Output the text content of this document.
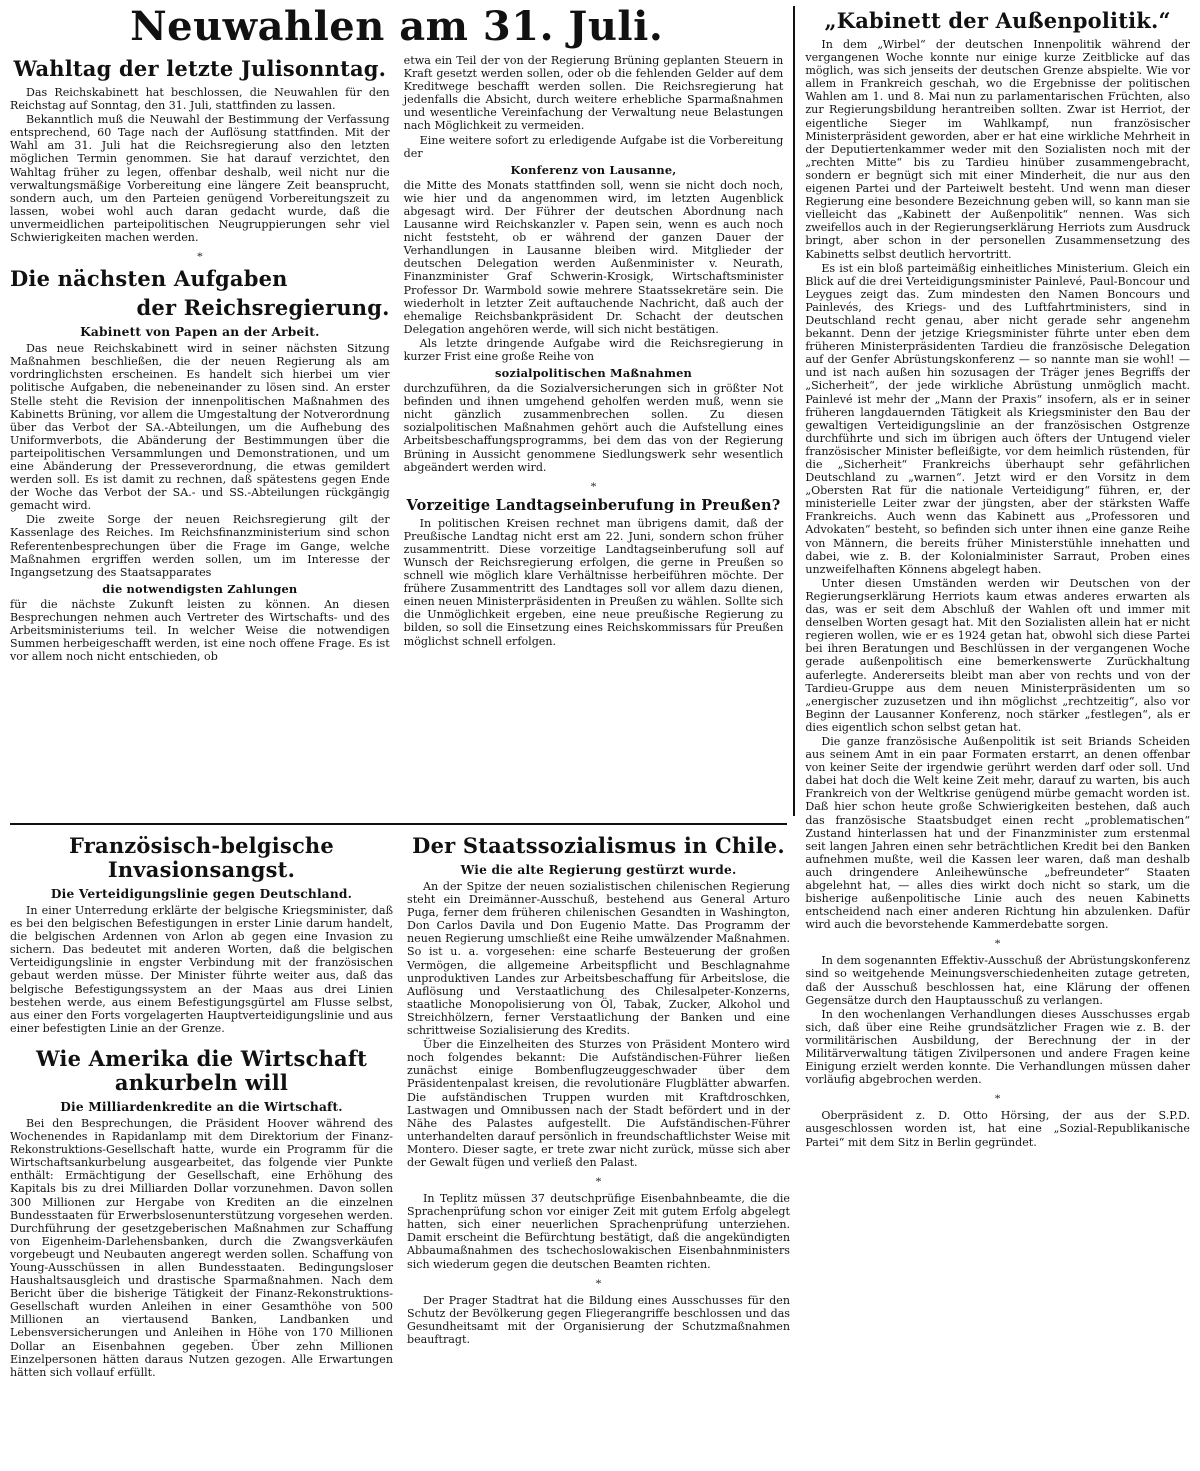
Neuwahlen am 31. Juli.
Wahltag der letzte Julisonntag.

Das Reichskabinett hat beschlossen, die Neuwahlen für den Reichstag auf Sonntag, den 31. Juli, stattfinden zu lassen.

Bekanntlich muß die Neuwahl der Bestimmung der Verfassung entsprechend, 60 Tage nach der Auflösung stattfinden. Mit der Wahl am 31. Juli hat die Reichsregierung also den letzten möglichen Termin genommen. Sie hat darauf verzichtet, den Wahltag früher zu legen, offenbar deshalb, weil nicht nur die verwaltungsmäßige Vorbereitung eine längere Zeit beansprucht, sondern auch, um den Parteien genügend Vorbereitungszeit zu lassen, wobei wohl auch daran gedacht wurde, daß die unvermeidlichen parteipolitischen Neugruppierungen sehr viel Schwierigkeiten machen werden.

*
Die nächsten Aufgaben
der Reichsregierung.
Kabinett von Papen an der Arbeit.

Das neue Reichskabinett wird in seiner nächsten Sitzung Maßnahmen beschließen, die der neuen Regierung als am vordringlichsten erscheinen. Es handelt sich hierbei um vier politische Aufgaben, die nebeneinander zu lösen sind. An erster Stelle steht die Revision der innenpolitischen Maßnahmen des Kabinetts Brüning, vor allem die Umgestaltung der Notverordnung über das Verbot der SA.-Abteilungen, um die Aufhebung des Uniformverbots, die Abänderung der Bestimmungen über die parteipolitischen Versammlungen und Demonstrationen, und um eine Abänderung der Presseverordnung, die etwas gemildert werden soll. Es ist damit zu rechnen, daß spätestens gegen Ende der Woche das Verbot der SA.- und SS.-Abteilungen rückgängig gemacht wird.

Die zweite Sorge der neuen Reichsregierung gilt der Kassenlage des Reiches. Im Reichsfinanzministerium sind schon Referentenbesprechungen über die Frage im Gange, welche Maßnahmen ergriffen werden sollen, um im Interesse der Ingangsetzung des Staatsapparates

die notwendigsten Zahlungen

für die nächste Zukunft leisten zu können. An diesen Besprechungen nehmen auch Vertreter des Wirtschafts- und des Arbeitsministeriums teil. In welcher Weise die notwendigen Summen herbeigeschafft werden, ist eine noch offene Frage. Es ist vor allem noch nicht entschieden, ob

etwa ein Teil der von der Regierung Brüning geplanten Steuern in Kraft gesetzt werden sollen, oder ob die fehlenden Gelder auf dem Kreditwege beschafft werden sollen. Die Reichsregierung hat jedenfalls die Absicht, durch weitere erhebliche Sparmaßnahmen und wesentliche Vereinfachung der Verwaltung neue Belastungen nach Möglichkeit zu vermeiden.

Eine weitere sofort zu erledigende Aufgabe ist die Vorbereitung der

Konferenz von Lausanne,

die Mitte des Monats stattfinden soll, wenn sie nicht doch noch, wie hier und da angenommen wird, im letzten Augenblick abgesagt wird. Der Führer der deutschen Abordnung nach Lausanne wird Reichskanzler v. Papen sein, wenn es auch noch nicht feststeht, ob er während der ganzen Dauer der Verhandlungen in Lausanne bleiben wird. Mitglieder der deutschen Delegation werden Außenminister v. Neurath, Finanzminister Graf Schwerin-Krosigk, Wirtschaftsminister Professor Dr. Warmbold sowie mehrere Staatssekretäre sein. Die wiederholt in letzter Zeit auftauchende Nachricht, daß auch der ehemalige Reichsbankpräsident Dr. Schacht der deutschen Delegation angehören werde, will sich nicht bestätigen.

Als letzte dringende Aufgabe wird die Reichsregierung in kurzer Frist eine große Reihe von

sozialpolitischen Maßnahmen

durchzuführen, da die Sozialversicherungen sich in größter Not befinden und ihnen umgehend geholfen werden muß, wenn sie nicht gänzlich zusammenbrechen sollen. Zu diesen sozialpolitischen Maßnahmen gehört auch die Aufstellung eines Arbeitsbeschaffungsprogramms, bei dem das von der Regierung Brüning in Aussicht genommene Siedlungswerk sehr wesentlich abgeändert werden wird.

*
Vorzeitige Landtagseinberufung in Preußen?

In politischen Kreisen rechnet man übrigens damit, daß der Preußische Landtag nicht erst am 22. Juni, sondern schon früher zusammentritt. Diese vorzeitige Landtagseinberufung soll auf Wunsch der Reichsregierung erfolgen, die gerne in Preußen so schnell wie möglich klare Verhältnisse herbeiführen möchte. Der frühere Zusammentritt des Landtages soll vor allem dazu dienen, einen neuen Ministerpräsidenten in Preußen zu wählen. Sollte sich die Unmöglichkeit ergeben, eine neue preußische Regierung zu bilden, so soll die Einsetzung eines Reichskommissars für Preußen möglichst schnell erfolgen.

„Kabinett der Außenpolitik.“

In dem „Wirbel“ der deutschen Innenpolitik während der vergangenen Woche konnte nur einige kurze Zeitblicke auf das möglich, was sich jenseits der deutschen Grenze abspielte. Wie vor allem in Frankreich geschah, wo die Ergebnisse der politischen Wahlen am 1. und 8. Mai nun zu parlamentarischen Früchten, also zur Regierungsbildung herantreiben sollten. Zwar ist Herriot, der eigentliche Sieger im Wahlkampf, nun französischer Ministerpräsident geworden, aber er hat eine wirkliche Mehrheit in der Deputiertenkammer weder mit den Sozialisten noch mit der „rechten Mitte“ bis zu Tardieu hinüber zusammengebracht, sondern er begnügt sich mit einer Minderheit, die nur aus den eigenen Partei und der Parteiwelt besteht. Und wenn man dieser Regierung eine besondere Bezeichnung geben will, so kann man sie vielleicht das „Kabinett der Außenpolitik“ nennen. Was sich zweifellos auch in der Regierungserklärung Herriots zum Ausdruck bringt, aber schon in der personellen Zusammensetzung des Kabinetts selbst deutlich hervortritt.

Es ist ein bloß parteimäßig einheitliches Ministerium. Gleich ein Blick auf die drei Verteidigungsminister Painlevé, Paul-Boncour und Leygues zeigt das. Zum mindesten den Namen Boncours und Painlevés, des Kriegs- und des Luftfahrtministers, sind in Deutschland recht genau, aber nicht gerade sehr angenehm bekannt. Denn der jetzige Kriegsminister führte unter eben dem früheren Ministerpräsidenten Tardieu die französische Delegation auf der Genfer Abrüstungskonferenz — so nannte man sie wohl! — und ist nach außen hin sozusagen der Träger jenes Begriffs der „Sicherheit“, der jede wirkliche Abrüstung unmöglich macht. Painlevé ist mehr der „Mann der Praxis“ insofern, als er in seiner früheren langdauernden Tätigkeit als Kriegsminister den Bau der gewaltigen Verteidigungslinie an der französischen Ostgrenze durchführte und sich im übrigen auch öfters der Untugend vieler französischer Minister befleißigte, vor dem heimlich rüstenden, für die „Sicherheit“ Frankreichs überhaupt sehr gefährlichen Deutschland zu „warnen“. Jetzt wird er den Vorsitz in dem „Obersten Rat für die nationale Verteidigung“ führen, er, der ministerielle Leiter zwar der jüngsten, aber der stärksten Waffe Frankreichs. Auch wenn das Kabinett aus „Professoren und Advokaten“ besteht, so befinden sich unter ihnen eine ganze Reihe von Männern, die bereits früher Ministerstühle innehatten und dabei, wie z. B. der Kolonialminister Sarraut, Proben eines unzweifelhaften Könnens abgelegt haben.

Unter diesen Umständen werden wir Deutschen von der Regierungserklärung Herriots kaum etwas anderes erwarten als das, was er seit dem Abschluß der Wahlen oft und immer mit denselben Worten gesagt hat. Mit den Sozialisten allein hat er nicht regieren wollen, wie er es 1924 getan hat, obwohl sich diese Partei bei ihren Beratungen und Beschlüssen in der vergangenen Woche gerade außenpolitisch eine bemerkenswerte Zurückhaltung auferlegte. Andererseits bleibt man aber von rechts und von der Tardieu-Gruppe aus dem neuen Ministerpräsidenten um so „energischer zuzusetzen und ihn möglichst „rechtzeitig“, also vor Beginn der Lausanner Konferenz, noch stärker „festlegen“, als er dies eigentlich schon selbst getan hat.

Die ganze französische Außenpolitik ist seit Briands Scheiden aus seinem Amt in ein paar Formaten erstarrt, an denen offenbar von keiner Seite der irgendwie gerührt werden darf oder soll. Und dabei hat doch die Welt keine Zeit mehr, darauf zu warten, bis auch Frankreich von der Weltkrise genügend mürbe gemacht worden ist. Daß hier schon heute große Schwierigkeiten bestehen, daß auch das französische Staatsbudget einen recht „problematischen“ Zustand hinterlassen hat und der Finanzminister zum erstenmal seit langen Jahren einen sehr beträchtlichen Kredit bei den Banken aufnehmen mußte, weil die Kassen leer waren, daß man deshalb auch dringendere Anleihewünsche „befreundeter“ Staaten abgelehnt hat, — alles dies wirkt doch nicht so stark, um die bisherige außenpolitische Linie auch des neuen Kabinetts entscheidend nach einer anderen Richtung hin abzulenken. Dafür wird auch die bevorstehende Kammerdebatte sorgen.

*

In dem sogenannten Effektiv-Ausschuß der Abrüstungskonferenz sind so weitgehende Meinungsverschiedenheiten zutage getreten, daß der Ausschuß beschlossen hat, eine Klärung der offenen Gegensätze durch den Hauptausschuß zu verlangen.

In den wochenlangen Verhandlungen dieses Ausschusses ergab sich, daß über eine Reihe grundsätzlicher Fragen wie z. B. der vormilitärischen Ausbildung, der Berechnung der in der Militärverwaltung tätigen Zivilpersonen und andere Fragen keine Einigung erzielt werden konnte. Die Verhandlungen müssen daher vorläufig abgebrochen werden.

*

Oberpräsident z. D. Otto Hörsing, der aus der S.P.D. ausgeschlossen worden ist, hat eine „Sozial-Republikanische Partei“ mit dem Sitz in Berlin gegründet.

Französisch-belgische Invasionsangst.
Die Verteidigungslinie gegen Deutschland.

In einer Unterredung erklärte der belgische Kriegsminister, daß es bei den belgischen Befestigungen in erster Linie darum handelt, die belgischen Ardennen von Arlon ab gegen eine Invasion zu sichern. Das bedeutet mit anderen Worten, daß die belgischen Verteidigungslinie in engster Verbindung mit der französischen gebaut werden müsse. Der Minister führte weiter aus, daß das belgische Befestigungssystem an der Maas aus drei Linien bestehen werde, aus einem Befestigungsgürtel am Flusse selbst, aus einer den Forts vorgelagerten Hauptverteidigungslinie und aus einer befestigten Linie an der Grenze.

Wie Amerika die Wirtschaft ankurbeln will
Die Milliardenkredite an die Wirtschaft.

Bei den Besprechungen, die Präsident Hoover während des Wochenendes in Rapidanlamp mit dem Direktorium der Finanz-Rekonstruktions-Gesellschaft hatte, wurde ein Programm für die Wirtschaftsankurbelung ausgearbeitet, das folgende vier Punkte enthält: Ermächtigung der Gesellschaft, eine Erhöhung des Kapitals bis zu drei Milliarden Dollar vorzunehmen. Davon sollen 300 Millionen zur Hergabe von Krediten an die einzelnen Bundesstaaten für Erwerbslosenunterstützung vorgesehen werden. Durchführung der gesetzgeberischen Maßnahmen zur Schaffung von Eigenheim-Darlehensbanken, durch die Zwangsverkäufen vorgebeugt und Neubauten angeregt werden sollen. Schaffung von Young-Ausschüssen in allen Bundesstaaten. Bedingungsloser Haushaltsausgleich und drastische Sparmaßnahmen. Nach dem Bericht über die bisherige Tätigkeit der Finanz-Rekonstruktions-Gesellschaft wurden Anleihen in einer Gesamthöhe von 500 Millionen an viertausend Banken, Landbanken und Lebensversicherungen und Anleihen in Höhe von 170 Millionen Dollar an Eisenbahnen gegeben. Über zehn Millionen Einzelpersonen hätten daraus Nutzen gezogen. Alle Erwartungen hätten sich vollauf erfüllt.

Der Staatssozialismus in Chile.
Wie die alte Regierung gestürzt wurde.

An der Spitze der neuen sozialistischen chilenischen Regierung steht ein Dreimänner-Ausschuß, bestehend aus General Arturo Puga, ferner dem früheren chilenischen Gesandten in Washington, Don Carlos Davila und Don Eugenio Matte. Das Programm der neuen Regierung umschließt eine Reihe umwälzender Maßnahmen. So ist u. a. vorgesehen: eine scharfe Besteuerung der großen Vermögen, die allgemeine Arbeitspflicht und Beschlagnahme unproduktiven Landes zur Arbeitsbeschaffung für Arbeitslose, die Auflösung und Verstaatlichung des Chilesalpeter-Konzerns, staatliche Monopolisierung von Öl, Tabak, Zucker, Alkohol und Streichhölzern, ferner Verstaatlichung der Banken und eine schrittweise Sozialisierung des Kredits.

Über die Einzelheiten des Sturzes von Präsident Montero wird noch folgendes bekannt: Die Aufständischen-Führer ließen zunächst einige Bombenflugzeuggeschwader über dem Präsidentenpalast kreisen, die revolutionäre Flugblätter abwarfen. Die aufständischen Truppen wurden mit Kraftdroschken, Lastwagen und Omnibussen nach der Stadt befördert und in der Nähe des Palastes aufgestellt. Die Aufständischen-Führer unterhandelten darauf persönlich in freundschaftlichster Weise mit Montero. Dieser sagte, er trete zwar nicht zurück, müsse sich aber der Gewalt fügen und verließ den Palast.

*

In Teplitz müssen 37 deutschprüfige Eisenbahnbeamte, die die Sprachenprüfung schon vor einiger Zeit mit gutem Erfolg abgelegt hatten, sich einer neuerlichen Sprachenprüfung unterziehen. Damit erscheint die Befürchtung bestätigt, daß die angekündigten Abbaumaßnahmen des tschechoslowakischen Eisenbahnministers sich wiederum gegen die deutschen Beamten richten.

*

Der Prager Stadtrat hat die Bildung eines Ausschusses für den Schutz der Bevölkerung gegen Fliegerangriffe beschlossen und das Gesundheitsamt mit der Organisierung der Schutzmaßnahmen beauftragt.
